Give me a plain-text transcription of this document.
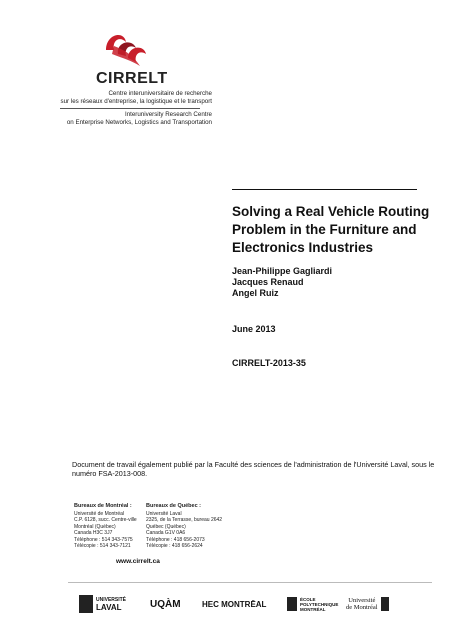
CIRRELT
Centre interuniversitaire de recherche
sur les réseaux d'entreprise, la logistique et le transport
Interuniversity Research Centre
on Enterprise Networks, Logistics and Transportation
Solving a Real Vehicle Routing Problem in the Furniture and Electronics Industries
Jean-Philippe Gagliardi
Jacques Renaud
Angel Ruiz
June 2013
CIRRELT-2013-35
Document de travail également publié par la Faculté des sciences de l'administration de l'Université Laval, sous le numéro FSA-2013-008.
Bureaux de Montréal :
Université de Montréal
C.P. 6128, succ. Centre-ville
Montréal (Québec)
Canada H3C 3J7
Téléphone : 514 343-7575
Télécopie : 514 343-7121
Bureaux de Québec :
Université Laval
2325, de la Terrasse, bureau 2642
Québec (Québec)
Canada G1V 0A6
Téléphone : 418 656-2073
Télécopie : 418 656-2624
www.cirrelt.ca
UNIVERSITÉ
LAVAL	UQÀM	HEC MONTRĒAL
ÉCOLE
POLYTECHNIQUE
MONTRÉAL
Université
de Montréal
